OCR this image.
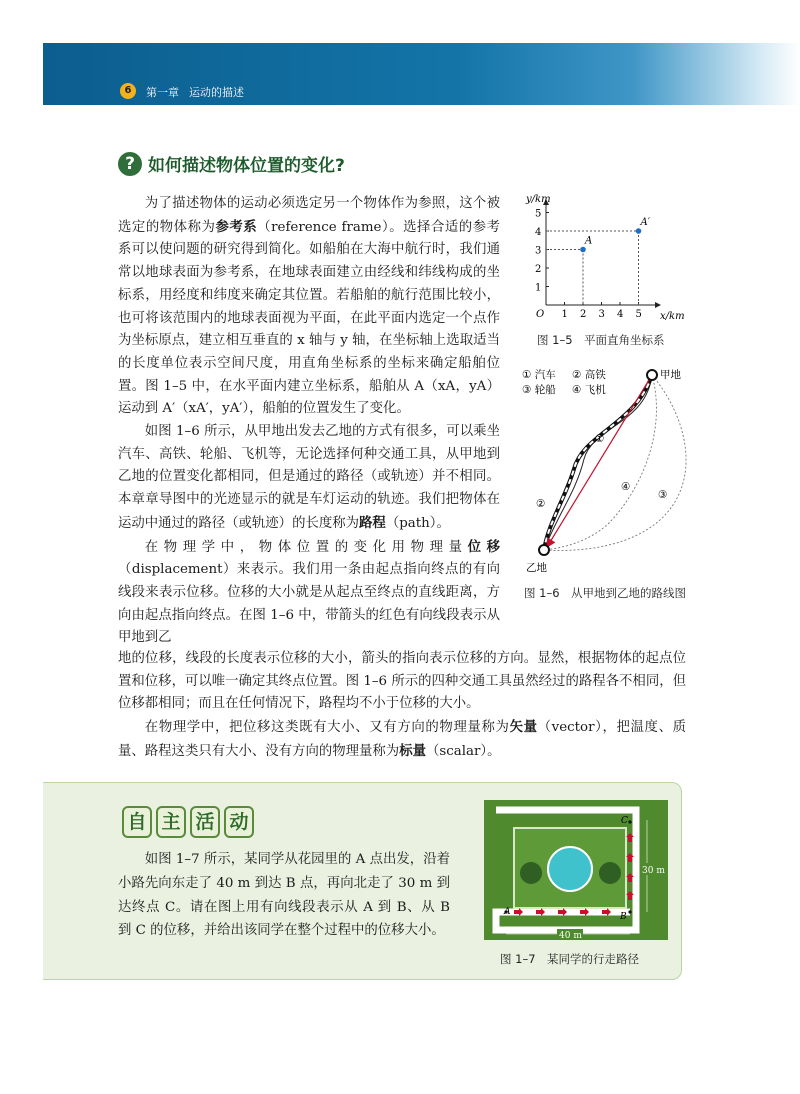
6	第一章 运动的描述
? 如何描述物体位置的变化?

为了描述物体的运动必须选定另一个物体作为参照，这个被选定的物体称为参考系（reference frame）。选择合适的参考系可以使问题的研究得到简化。如船舶在大海中航行时，我们通常以地球表面为参考系，在地球表面建立由经线和纬线构成的坐标系，用经度和纬度来确定其位置。若船舶的航行范围比较小，也可将该范围内的地球表面视为平面，在此平面内选定一个点作为坐标原点，建立相互垂直的 x 轴与 y 轴，在坐标轴上选取适当的长度单位表示空间尺度，用直角坐标系的坐标来确定船舶位置。图 1–5 中，在水平面内建立坐标系，船舶从 A（xA，yA）运动到 A′（xA′，yA′），船舶的位置发生了变化。

如图 1–6 所示，从甲地出发去乙地的方式有很多，可以乘坐汽车、高铁、轮船、飞机等，无论选择何种交通工具，从甲地到乙地的位置变化都相同，但是通过的路径（或轨迹）并不相同。本章章导图中的光迹显示的就是车灯运动的轨迹。我们把物体在运动中通过的路径（或轨迹）的长度称为路程（path）。

在物理学中，物体位置的变化用物理量位移（displacement）来表示。我们用一条由起点指向终点的有向线段来表示位移。位移的大小就是从起点至终点的直线距离，方向由起点指向终点。在图 1–6 中，带箭头的红色有向线段表示从甲地到乙

地的位移，线段的长度表示位移的大小，箭头的指向表示位移的方向。显然，根据物体的起点位置和位移，可以唯一确定其终点位置。图 1–6 所示的四种交通工具虽然经过的路程各不相同，但位移都相同；而且在任何情况下，路程均不小于位移的大小。

在物理学中，把位移这类既有大小、又有方向的物理量称为矢量（vector），把温度、质量、路程这类只有大小、没有方向的物理量称为标量（scalar）。

y/km
x/km
O 1 2 3 4 5
1
2
3
4
5
A
A′
图 1–5　平面直角坐标系
① 汽车 ② 高铁
③ 轮船 ④ 飞机
甲地
乙地
①
②
③
④
图 1–6　从甲地到乙地的路线图
自 主 活 动

如图 1–7 所示，某同学从花园里的 A 点出发，沿着小路先向东走了 40 m 到达 B 点，再向北走了 30 m 到达终点 C。请在图上用有向线段表示从 A 到 B、从 B 到 C 的位移，并给出该同学在整个过程中的位移大小。

A	B
C
30 m
40 m
图 1–7　某同学的行走路径
